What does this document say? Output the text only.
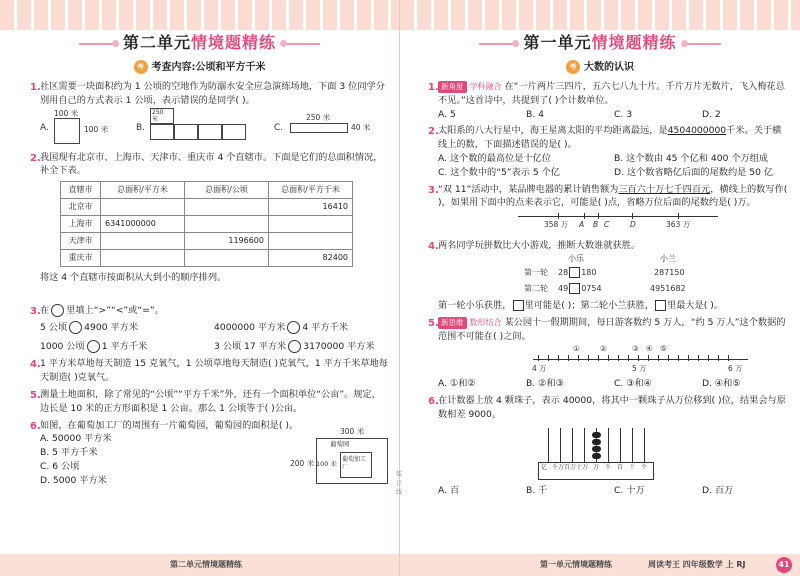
第二单元情境题精练
考 考查内容:公顷和平方千米
1. 社区需要一块面积约为 1 公顷的空地作为防溺水安全应急演练场地，下面 3 位同学分别用自己的方式表示 1 公顷，表示错误的是同学( )。
A.
100 米
100 米	B.
250
米
C.
250 米
40 米
2. 我国现有北京市、上海市、天津市、重庆市 4 个直辖市。下面是它们的总面积情况，补全下表。
直辖市	总面积/平方米	总面积/公顷	总面积/平方千米
北京市			16410
上海市	6341000000		
天津市		1196600	
重庆市			82400
将这 4 个直辖市按面积从大到小的顺序排列。
3. 在 里填上“>”“<”或“=”。
5 公顷 4900 平方米	4000000 平方米 4 平方千米
1000 公顷 1 平方千米	3 公顷 17 平方米 3170000 平方米
4. 1 平方米草地每天制造 15 克氧气，1 公顷草地每天制造( )克氧气，1 平方千米草地每天制造( )克氧气。
5. 测量土地面积，除了常见的“公顷”“平方千米”外，还有一个面积单位“公亩”。规定，边长是 10 米的正方形面积是 1 公亩。那么 1 公顷等于( )公亩。
6. 如图，在葡萄加工厂的周围有一片葡萄园，葡萄园的面积是( )。
A. 50000 平方米
B. 5 平方千米
C. 6 公顷
D. 5000 平方米
300 米
200 米
葡萄园
100 米
葡萄加工厂
第二单元情境题精练
第一单元情境题精练
考 大数的认识
1. 新角度 学科融合 在“一片两片三四片，五六七八九十片。千片万片无数片，飞入梅花总不见。”这首诗中，共提到了( )个计数单位。
A. 5	B. 4	C. 3	D. 2
2. 太阳系的八大行星中，海王星离太阳的平均距离最远，是4504000000千米。关于横线上的数，下面描述错误的是( )。
A. 这个数的最高位是十亿位	B. 这个数由 45 个亿和 400 个万组成
C. 这个数中的“5”表示 5 个亿	D. 这个数省略亿后面的尾数约是 50 亿
3. “双 11”活动中，某品牌电器的累计销售额为三百六十万七千四百元，横线上的数写作( )，如果用下面中的点来表示它，可能是( )点，省略万位后面的尾数约是( )万。
358 万 A B C	D	363 万
4. 两名同学玩拼数比大小游戏，推断大数谁就获胜。
小乐	小兰
第一轮 28 180	287150
第二轮 49 0754	4951682
第一轮小乐获胜， 里可能是( )；第二轮小兰获胜， 里最大是( )。
5. 新思维 数形结合 某公园十一假期期间，每日游客数约 5 万人，“约 5 万人”这个数据的范围不可能在( )之间。
①	②	③ ④ ⑤
4 万	5 万	6 万
A. ①和②	B. ②和③	C. ③和④	D. ④和⑤
6. 在计数器上放 4 颗珠子，表示 40000，将其中一颗珠子从万位移到( )位，结果会与原数相差 9000。
亿 千万 百万 十万 万 千 百 十 个
A. 百	B. 千	C. 十万	D. 百万
第一单元情境题精练	周读考王 四年级数学 上 RJ	41
装订线
